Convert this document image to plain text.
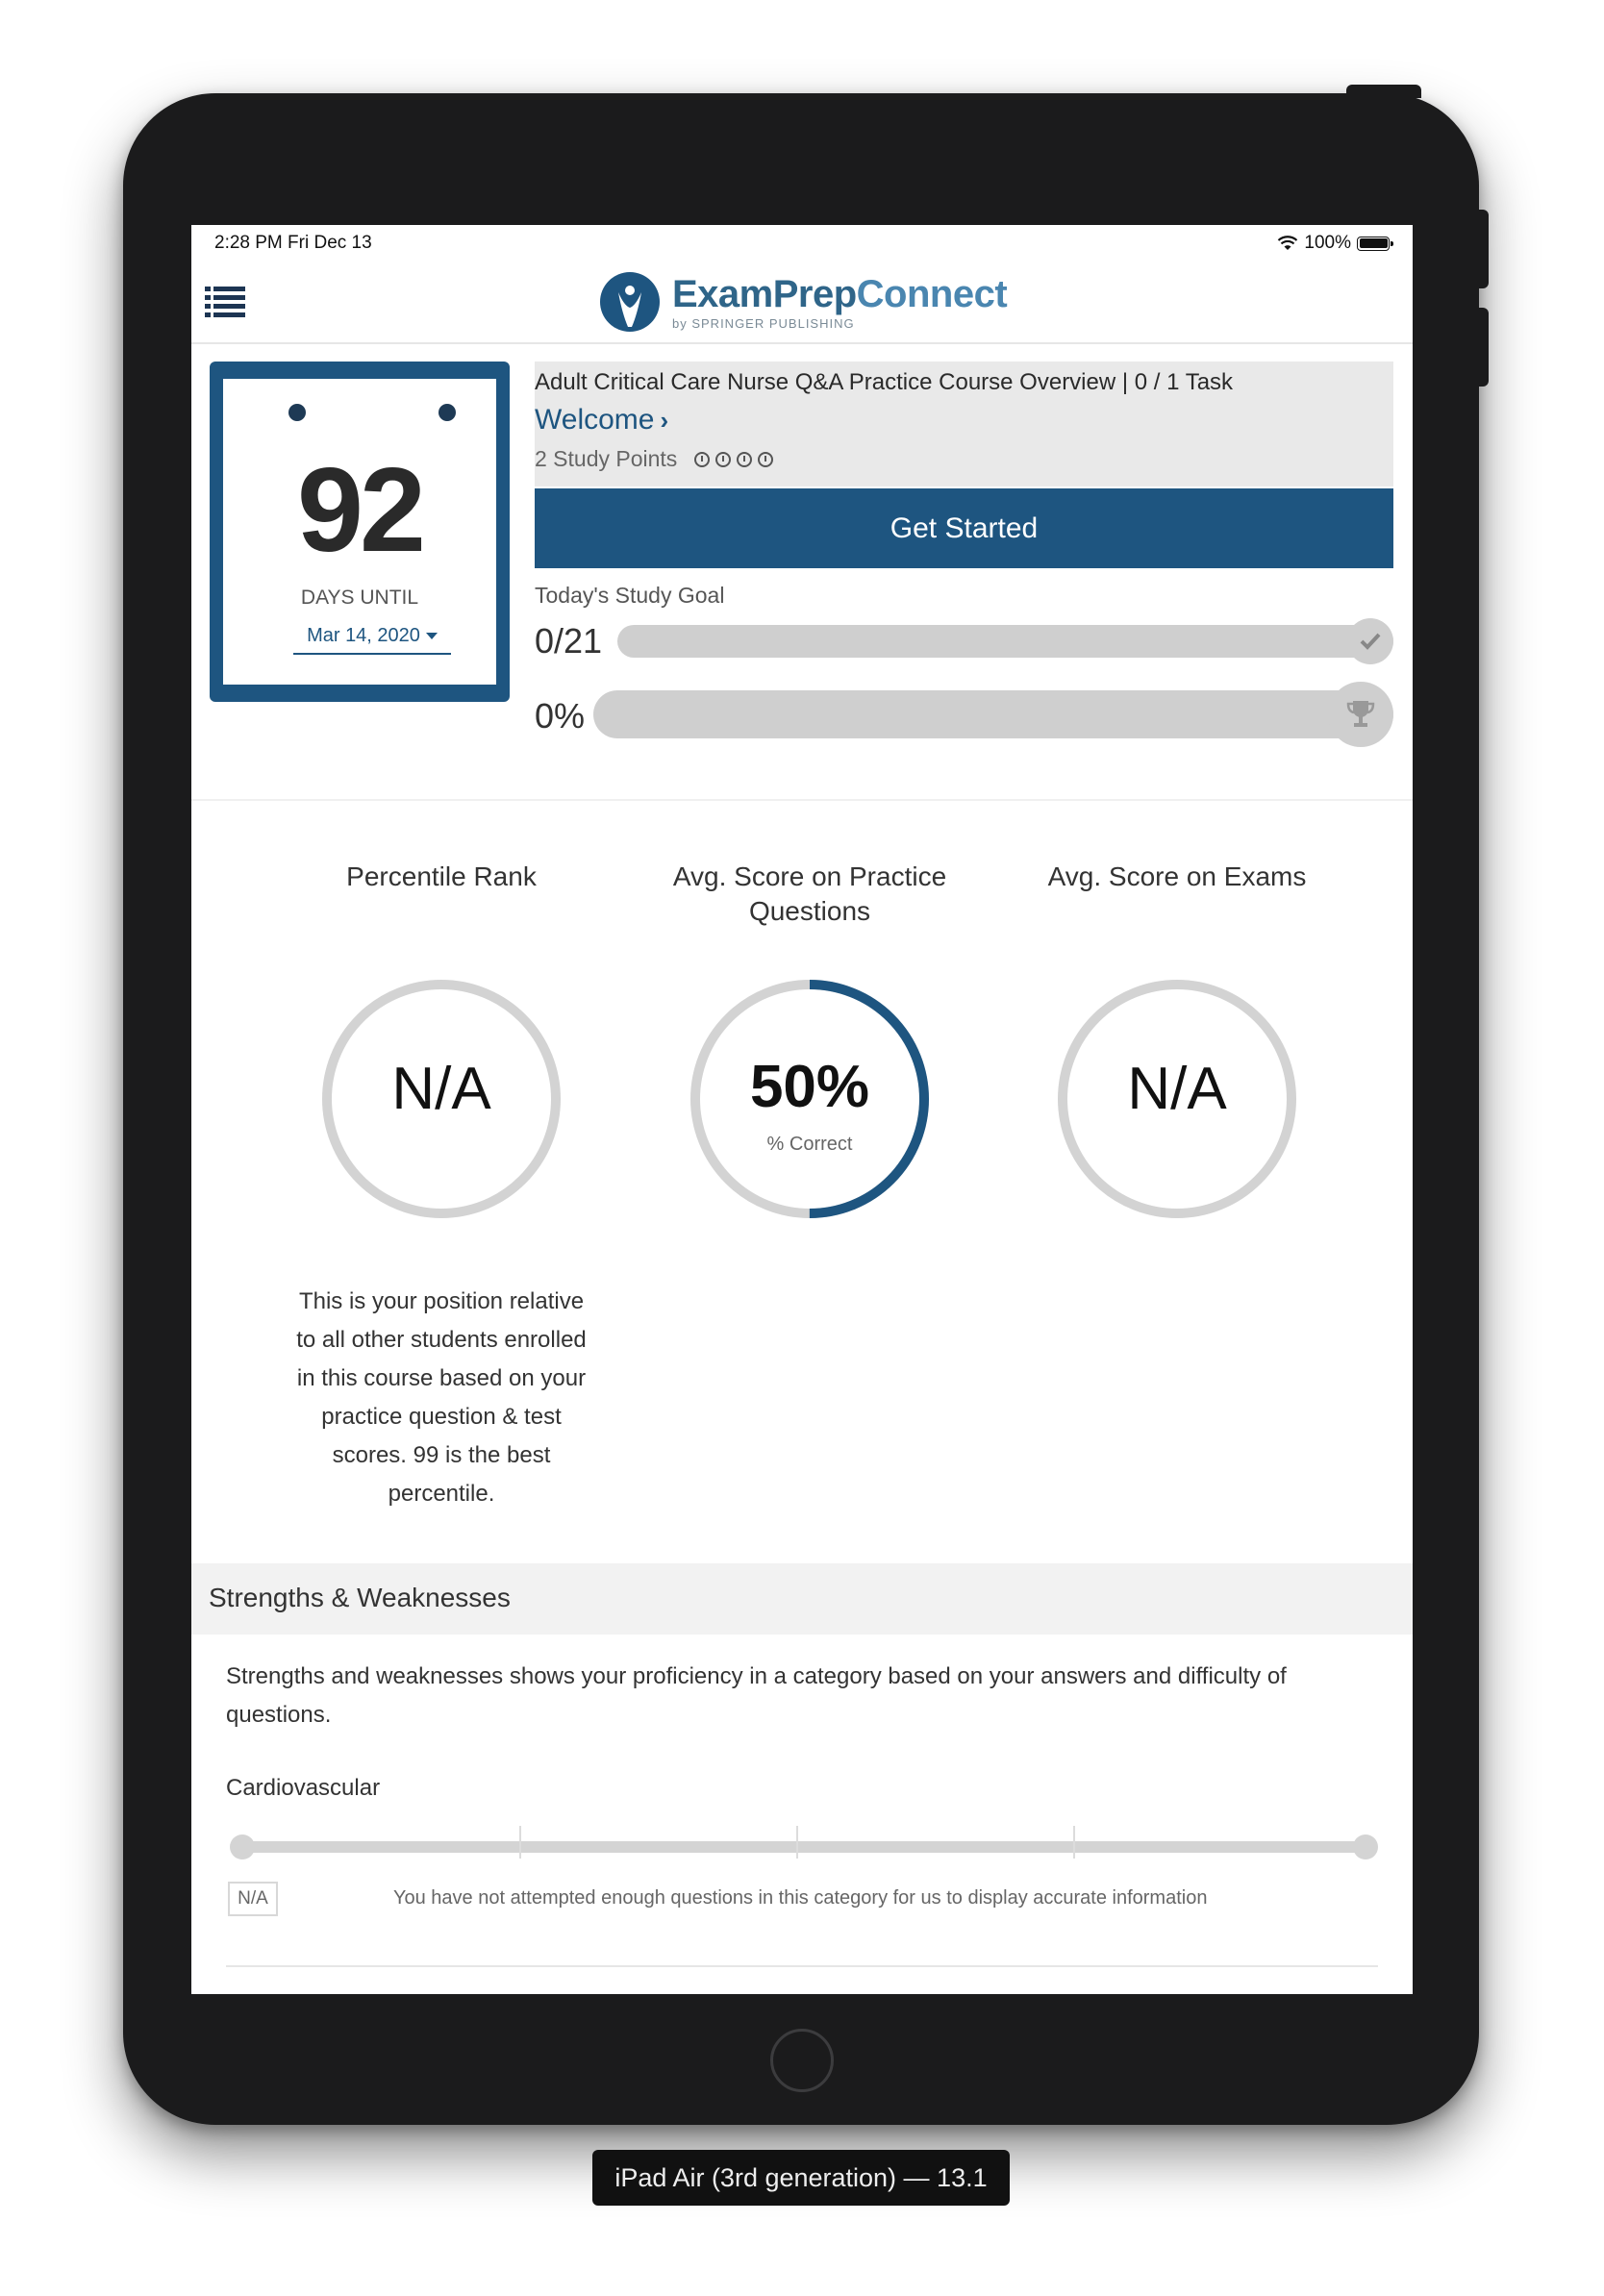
2:28 PM Fri Dec 13	100%
ExamPrepConnect
by SPRINGER PUBLISHING
92
DAYS UNTIL
Mar 14, 2020
Adult Critical Care Nurse Q&A Practice Course Overview | 0 / 1 Task
Welcome ›
2 Study Points
Get Started
Today's Study Goal
0/21
0%
Percentile Rank
N/A
This is your position relative to all other students enrolled in this course based on your practice question & test scores. 99 is the best percentile.
Avg. Score on Practice Questions
50%
% Correct
Avg. Score on Exams
N/A
Strengths & Weaknesses
Strengths and weaknesses shows your proficiency in a category based on your answers and difficulty of questions.
Cardiovascular
N/A	You have not attempted enough questions in this category for us to display accurate information
iPad Air (3rd generation) — 13.1
